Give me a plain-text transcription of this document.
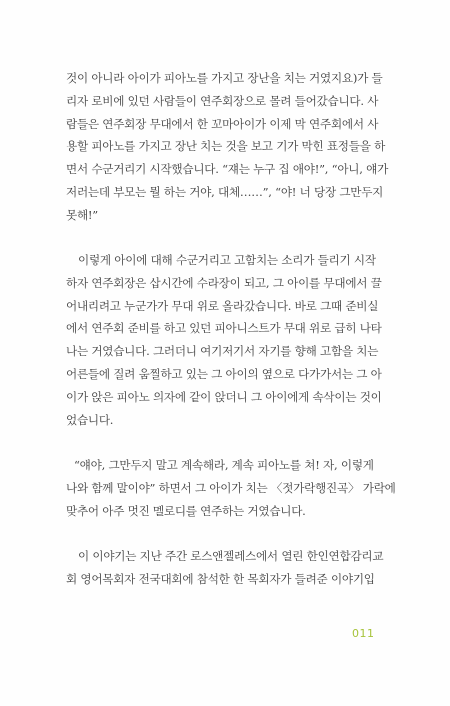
것이 아니라 아이가 피아노를 가지고 장난을 치는 거였지요)가 들
리자 로비에 있던 사람들이 연주회장으로 몰려 들어갔습니다. 사
람들은 연주회장 무대에서 한 꼬마아이가 이제 막 연주회에서 사
용할 피아노를 가지고 장난 치는 것을 보고 기가 막힌 표정들을 하
면서 수군거리기 시작했습니다. “쟤는 누구 집 애야!”, “아니, 얘가
저러는데 부모는 뭘 하는 거야, 대체……”, “야! 너 당장 그만두지
못해!”
이렇게 아이에 대해 수군거리고 고함치는 소리가 들리기 시작
하자 연주회장은 삽시간에 수라장이 되고, 그 아이를 무대에서 끌
어내리려고 누군가가 무대 위로 올라갔습니다. 바로 그때 준비실
에서 연주회 준비를 하고 있던 피아니스트가 무대 위로 급히 나타
나는 거였습니다. 그러더니 여기저기서 자기를 향해 고함을 치는
어른들에 질려 움찔하고 있는 그 아이의 옆으로 다가가서는 그 아
이가 앉은 피아노 의자에 같이 앉더니 그 아이에게 속삭이는 것이
었습니다.
“얘야, 그만두지 말고 계속해라, 계속 피아노를 쳐! 자, 이렇게
나와 함께 말이야” 하면서 그 아이가 치는 〈젓가락행진곡〉 가락에
맞추어 아주 멋진 멜로디를 연주하는 거였습니다.
이 이야기는 지난 주간 로스앤젤레스에서 열린 한인연합감리교
회 영어목회자 전국대회에 참석한 한 목회자가 들려준 이야기입
011
